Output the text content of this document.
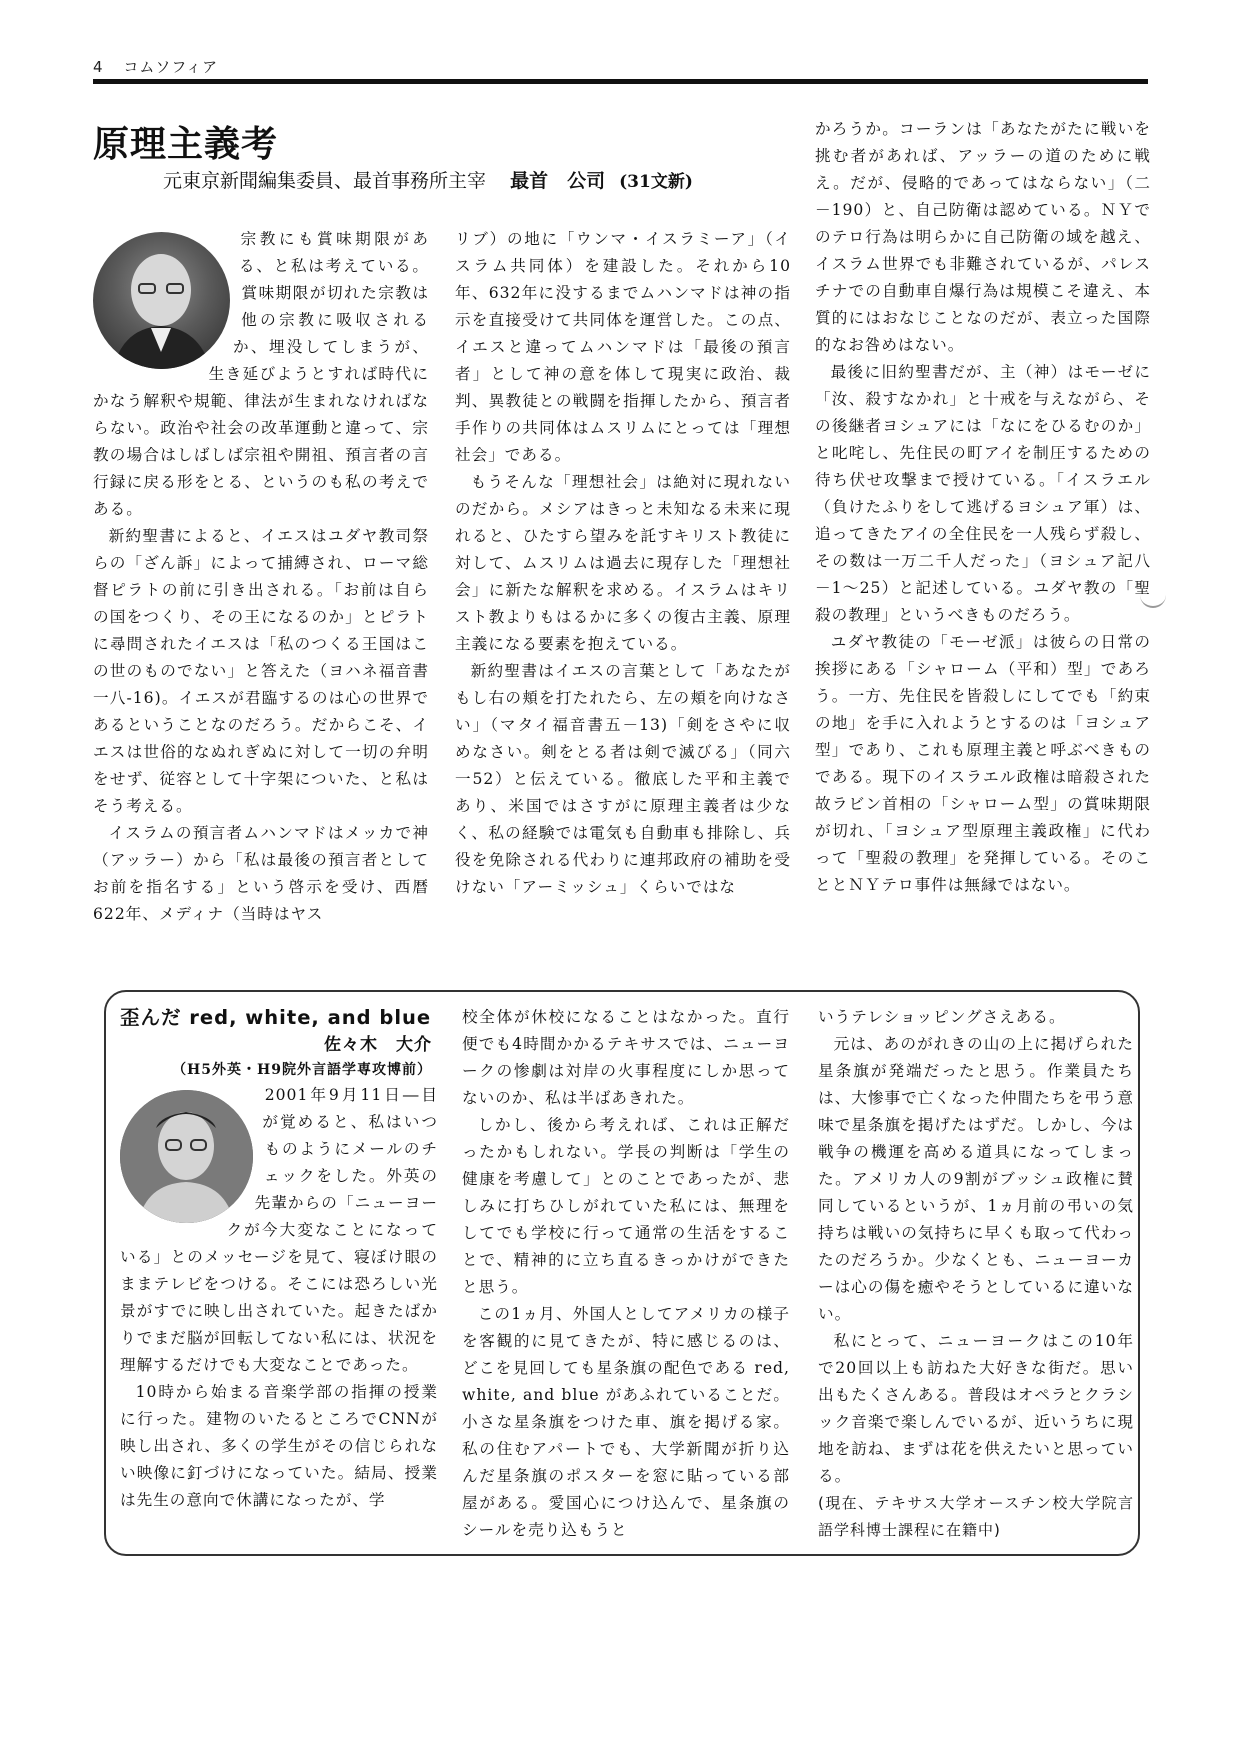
4 コムソフィア
原理主義考
元東京新聞編集委員、最首事務所主宰 最首　公司 (31文新)

宗教にも賞味期限がある、と私は考えている。賞味期限が切れた宗教は他の宗教に吸収されるか、埋没してしまうが、生き延びようとすれば時代にかなう解釈や規範、律法が生まれなければならない。政治や社会の改革運動と違って、宗教の場合はしばしば宗祖や開祖、預言者の言行録に戻る形をとる、というのも私の考えである。

新約聖書によると、イエスはユダヤ教司祭らの「ざん訴」によって捕縛され、ローマ総督ピラトの前に引き出される。「お前は自らの国をつくり、その王になるのか」とピラトに尋問されたイエスは「私のつくる王国はこの世のものでない」と答えた（ヨハネ福音書一八-16)。イエスが君臨するのは心の世界であるということなのだろう。だからこそ、イエスは世俗的なぬれぎぬに対して一切の弁明をせず、従容として十字架についた、と私はそう考える。

イスラムの預言者ムハンマドはメッカで神（アッラー）から「私は最後の預言者としてお前を指名する」という啓示を受け、西暦622年、メディナ（当時はヤス

リブ）の地に「ウンマ・イスラミーア」（イスラム共同体）を建設した。それから10年、632年に没するまでムハンマドは神の指示を直接受けて共同体を運営した。この点、イエスと違ってムハンマドは「最後の預言者」として神の意を体して現実に政治、裁判、異教徒との戦闘を指揮したから、預言者手作りの共同体はムスリムにとっては「理想社会」である。

もうそんな「理想社会」は絶対に現れないのだから。メシアはきっと未知なる未来に現れると、ひたすら望みを託すキリスト教徒に対して、ムスリムは過去に現存した「理想社会」に新たな解釈を求める。イスラムはキリスト教よりもはるかに多くの復古主義、原理主義になる要素を抱えている。

新約聖書はイエスの言葉として「あなたがもし右の頬を打たれたら、左の頬を向けなさい」（マタイ福音書五－13)「剣をさやに収めなさい。剣をとる者は剣で滅びる」（同六一52）と伝えている。徹底した平和主義であり、米国ではさすがに原理主義者は少なく、私の経験では電気も自動車も排除し、兵役を免除される代わりに連邦政府の補助を受けない「アーミッシュ」くらいではな

かろうか。コーランは「あなたがたに戦いを挑む者があれば、アッラーの道のために戦え。だが、侵略的であってはならない」（二－190）と、自己防衛は認めている。ＮＹでのテロ行為は明らかに自己防衛の域を越え、イスラム世界でも非難されているが、パレスチナでの自動車自爆行為は規模こそ違え、本質的にはおなじことなのだが、表立った国際的なお咎めはない。

最後に旧約聖書だが、主（神）はモーゼに「汝、殺すなかれ」と十戒を与えながら、その後継者ヨシュアには「なにをひるむのか」と叱咤し、先住民の町アイを制圧するための待ち伏せ攻撃まで授けている。「イスラエル（負けたふりをして逃げるヨシュア軍）は、追ってきたアイの全住民を一人残らず殺し、その数は一万二千人だった」（ヨシュア記八－1～25）と記述している。ユダヤ教の「聖殺の教理」というべきものだろう。

ユダヤ教徒の「モーゼ派」は彼らの日常の挨拶にある「シャローム（平和）型」であろう。一方、先住民を皆殺しにしてでも「約束の地」を手に入れようとするのは「ヨシュア型」であり、これも原理主義と呼ぶべきものである。現下のイスラエル政権は暗殺された故ラビン首相の「シャローム型」の賞味期限が切れ、「ヨシュア型原理主義政権」に代わって「聖殺の教理」を発揮している。そのこととＮＹテロ事件は無縁ではない。

歪んだ red, white, and blue
佐々木　大介
（H5外英・H9院外言語学専攻博前）

2001年9月11日―目が覚めると、私はいつものようにメールのチェックをした。外英の先輩からの「ニューヨークが今大変なことになっている」とのメッセージを見て、寝ぼけ眼のままテレビをつける。そこには恐ろしい光景がすでに映し出されていた。起きたばかりでまだ脳が回転してない私には、状況を理解するだけでも大変なことであった。

10時から始まる音楽学部の指揮の授業に行った。建物のいたるところでCNNが映し出され、多くの学生がその信じられない映像に釘づけになっていた。結局、授業は先生の意向で休講になったが、学

校全体が休校になることはなかった。直行便でも4時間かかるテキサスでは、ニューヨークの惨劇は対岸の火事程度にしか思ってないのか、私は半ばあきれた。

しかし、後から考えれば、これは正解だったかもしれない。学長の判断は「学生の健康を考慮して」とのことであったが、悲しみに打ちひしがれていた私には、無理をしてでも学校に行って通常の生活をすることで、精神的に立ち直るきっかけができたと思う。

この1ヵ月、外国人としてアメリカの様子を客観的に見てきたが、特に感じるのは、どこを見回しても星条旗の配色である red, white, and blue があふれていることだ。小さな星条旗をつけた車、旗を掲げる家。私の住むアパートでも、大学新聞が折り込んだ星条旗のポスターを窓に貼っている部屋がある。愛国心につけ込んで、星条旗のシールを売り込もうと

いうテレショッピングさえある。

元は、あのがれきの山の上に掲げられた星条旗が発端だったと思う。作業員たちは、大惨事で亡くなった仲間たちを弔う意味で星条旗を掲げたはずだ。しかし、今は戦争の機運を高める道具になってしまった。アメリカ人の9割がブッシュ政権に賛同しているというが、1ヵ月前の弔いの気持ちは戦いの気持ちに早くも取って代わったのだろうか。少なくとも、ニューヨーカーは心の傷を癒やそうとしているに違いない。

私にとって、ニューヨークはこの10年で20回以上も訪ねた大好きな街だ。思い出もたくさんある。普段はオペラとクラシック音楽で楽しんでいるが、近いうちに現地を訪ね、まずは花を供えたいと思っている。

(現在、テキサス大学オースチン校大学院言語学科博士課程に在籍中)
